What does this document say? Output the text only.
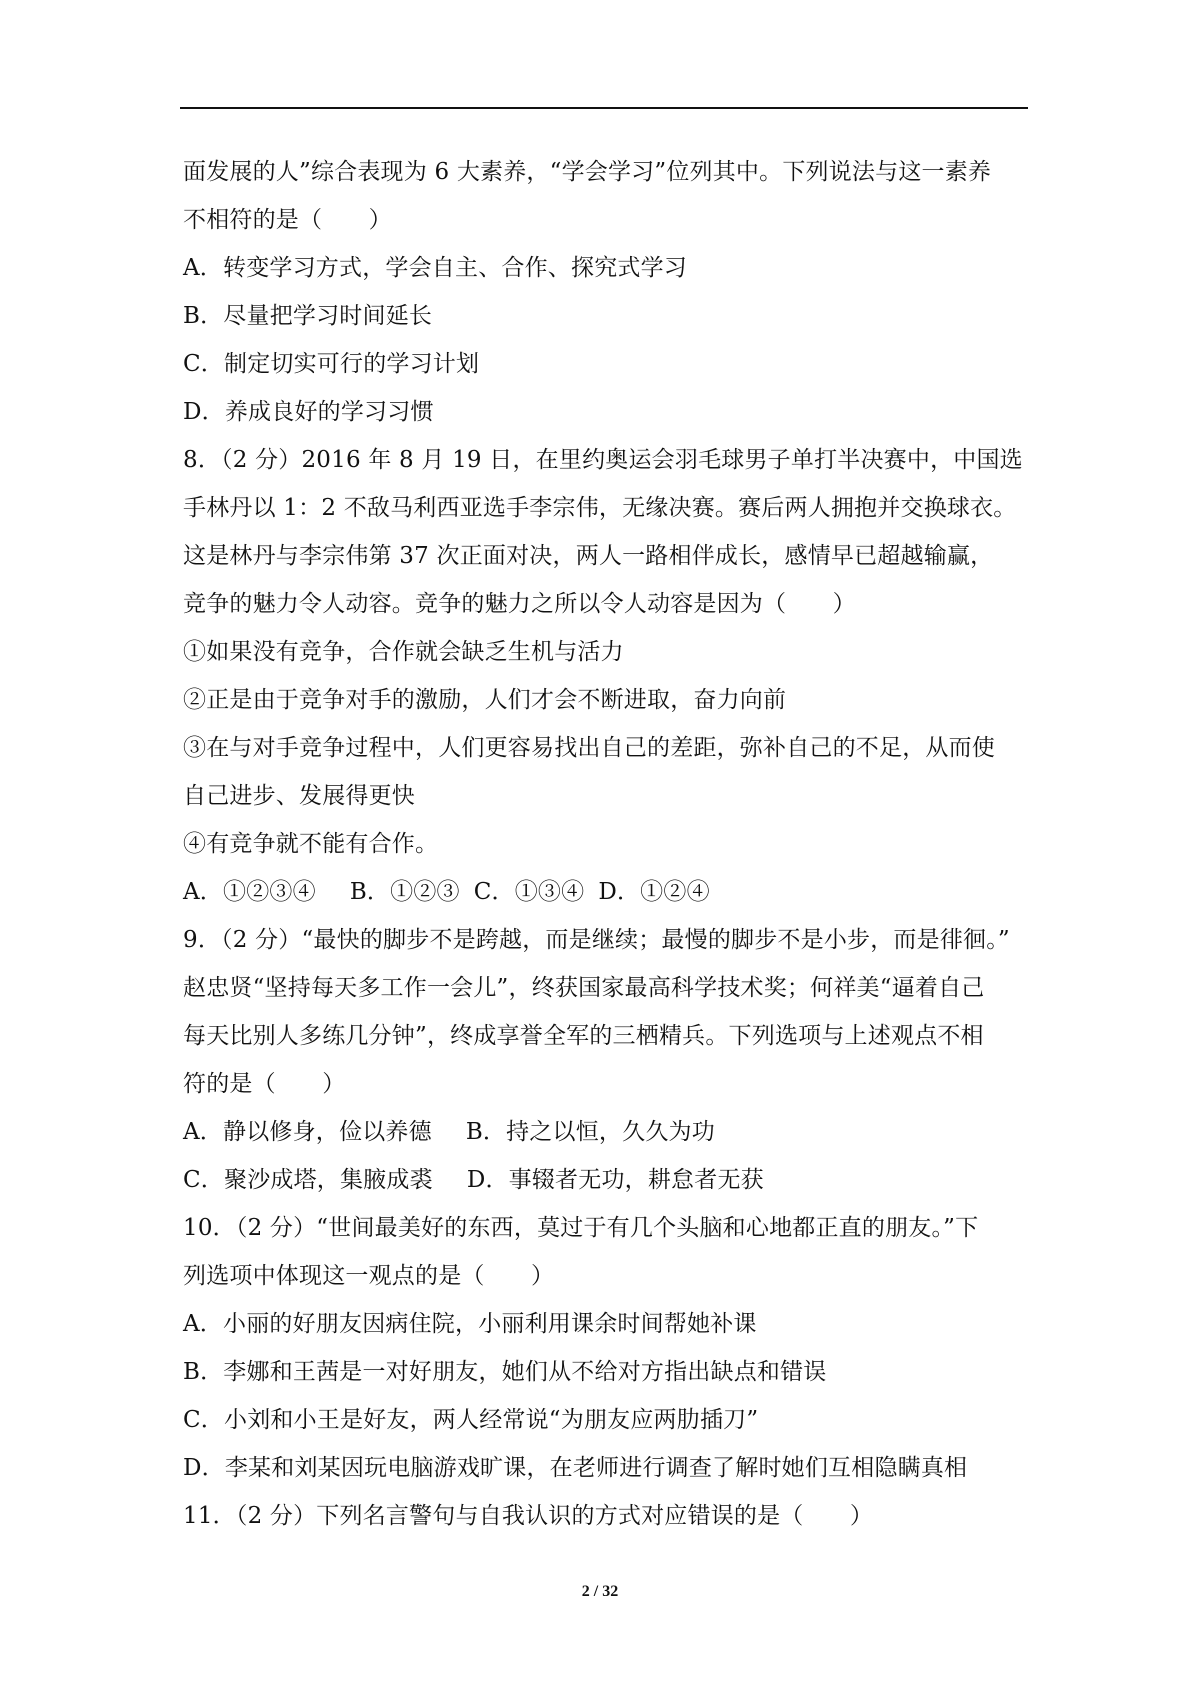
面发展的人”综合表现为 6 大素养，“学会学习”位列其中。下列说法与这一素养
不相符的是（　　）
A．转变学习方式，学会自主、合作、探究式学习
B．尽量把学习时间延长
C．制定切实可行的学习计划
D．养成良好的学习习惯
8．（2 分）2016 年 8 月 19 日，在里约奥运会羽毛球男子单打半决赛中，中国选
手林丹以 1：2 不敌马利西亚选手李宗伟，无缘决赛。赛后两人拥抱并交换球衣。
这是林丹与李宗伟第 37 次正面对决，两人一路相伴成长，感情早已超越输赢，
竞争的魅力令人动容。竞争的魅力之所以令人动容是因为（　　）
①如果没有竞争，合作就会缺乏生机与活力
②正是由于竞争对手的激励，人们才会不断进取，奋力向前
③在与对手竞争过程中，人们更容易找出自己的差距，弥补自己的不足，从而使
自己进步、发展得更快
④有竞争就不能有合作。
A．①②③④ B．①②③ C．①③④ D．①②④
9．（2 分）“最快的脚步不是跨越，而是继续；最慢的脚步不是小步，而是徘徊。”
赵忠贤“坚持每天多工作一会儿”，终获国家最高科学技术奖；何祥美“逼着自己
每天比别人多练几分钟”，终成享誉全军的三栖精兵。下列选项与上述观点不相
符的是（　　）
A．静以修身，俭以养德 B．持之以恒，久久为功
C．聚沙成塔，集腋成裘 D．事辍者无功，耕怠者无获
10．（2 分）“世间最美好的东西，莫过于有几个头脑和心地都正直的朋友。”下
列选项中体现这一观点的是（　　）
A．小丽的好朋友因病住院，小丽利用课余时间帮她补课
B．李娜和王茜是一对好朋友，她们从不给对方指出缺点和错误
C．小刘和小王是好友，两人经常说“为朋友应两肋插刀”
D．李某和刘某因玩电脑游戏旷课，在老师进行调查了解时她们互相隐瞒真相
11．（2 分）下列名言警句与自我认识的方式对应错误的是（　　）
2 / 32
